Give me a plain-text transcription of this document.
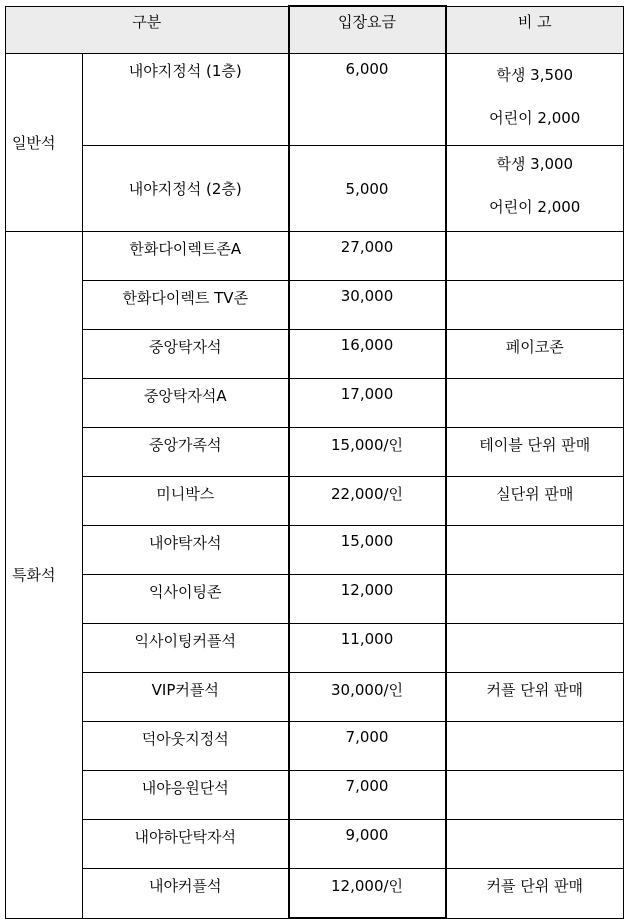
구분		입장요금	비 고
일반석	내야지정석 (1층)	6,000	학생 3,500
어린이 2,000

	내야지정석 (2층)	5,000	학생 3,000
어린이 2,000

특화석	한화다이렉트존A	27,000	
	한화다이렉트 TV존	30,000	
	중앙탁자석	16,000	페이코존
	중앙탁자석A	17,000	
	중앙가족석	15,000/인	테이블 단위 판매
	미니박스	22,000/인	실단위 판매
	내야탁자석	15,000	
	익사이팅존	12,000	
	익사이팅커플석	11,000	
	VIP커플석	30,000/인	커플 단위 판매
	덕아웃지정석	7,000	
	내야응원단석	7,000	
	내야하단탁자석	9,000	
	내야커플석	12,000/인	커플 단위 판매
